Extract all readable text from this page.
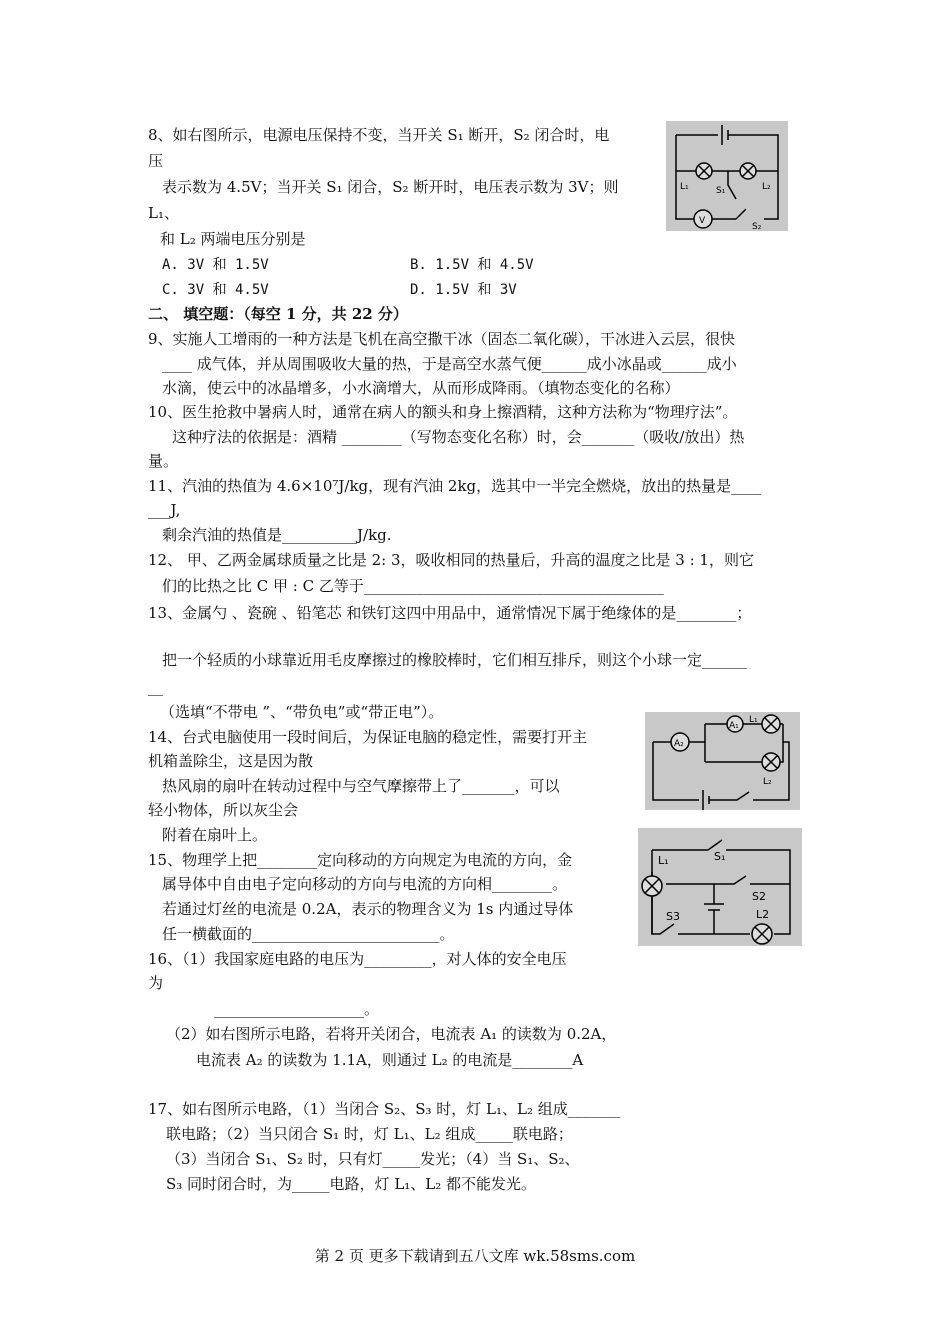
8、如右图所示，电源电压保持不变，当开关 S₁ 断开，S₂ 闭合时，电
压
表示数为 4.5V；当开关 S₁ 闭合，S₂ 断开时，电压表示数为 3V；则
L₁、
和 L₂ 两端电压分别是
A. 3V 和 1.5V	B. 1.5V 和 4.5V
C. 3V 和 4.5V	D. 1.5V 和 3V
L₁	L₂
S₁
S₂
V
二、 填空题：（每空 1 分，共 22 分）
9、实施人工增雨的一种方法是飞机在高空撒干冰（固态二氧化碳），干冰进入云层，很快
____ 成气体，并从周围吸收大量的热，于是高空水蒸气便______成小冰晶或______成小
水滴，使云中的冰晶增多，小水滴增大，从而形成降雨。（填物态变化的名称）
10、医生抢救中暑病人时，通常在病人的额头和身上擦酒精，这种方法称为“物理疗法”。
这种疗法的依据是：酒精 ________（写物态变化名称）时，会_______（吸收/放出）热
量。
11、汽油的热值为 4.6×10⁷J/kg，现有汽油 2kg，选其中一半完全燃烧，放出的热量是____
___J,
剩余汽油的热值是__________J/kg.
12、 甲、乙两金属球质量之比是 2: 3，吸收相同的热量后，升高的温度之比是 3 : 1，则它
们的比热之比 C 甲 : C 乙等于________________________________________
13、金属勺 、瓷碗 、铅笔芯 和铁钉这四中用品中，通常情况下属于绝缘体的是________；
把一个轻质的小球靠近用毛皮摩擦过的橡胶棒时，它们相互排斥，则这个小球一定______
__
（选填“不带电 ”、“带负电”或“带正电”）。
A₂
A₁
L₁
L₂
14、台式电脑使用一段时间后，为保证电脑的稳定性，需要打开主
机箱盖除尘，这是因为散
热风扇的扇叶在转动过程中与空气摩擦带上了_______，可以
轻小物体，所以灰尘会
附着在扇叶上。
L₁	S₁
S2
S3	L2
15、物理学上把________定向移动的方向规定为电流的方向，金
属导体中自由电子定向移动的方向与电流的方向相________。
若通过灯丝的电流是 0.2A，表示的物理含义为 1s 内通过导体
任一横截面的_________________________。
16、（1）我国家庭电路的电压为_________，对人体的安全电压
为
____________________。
（2）如右图所示电路，若将开关闭合，电流表 A₁ 的读数为 0.2A，
电流表 A₂ 的读数为 1.1A，则通过 L₂ 的电流是________A
17、如右图所示电路，（1）当闭合 S₂、S₃ 时，灯 L₁、L₂ 组成_______
联电路；（2）当只闭合 S₁ 时，灯 L₁、L₂ 组成_____联电路；
（3）当闭合 S₁、S₂ 时，只有灯_____发光；（4）当 S₁、S₂、
S₃ 同时闭合时，为_____电路，灯 L₁、L₂ 都不能发光。
第 2 页 更多下载请到五八文库 wk.58sms.com
